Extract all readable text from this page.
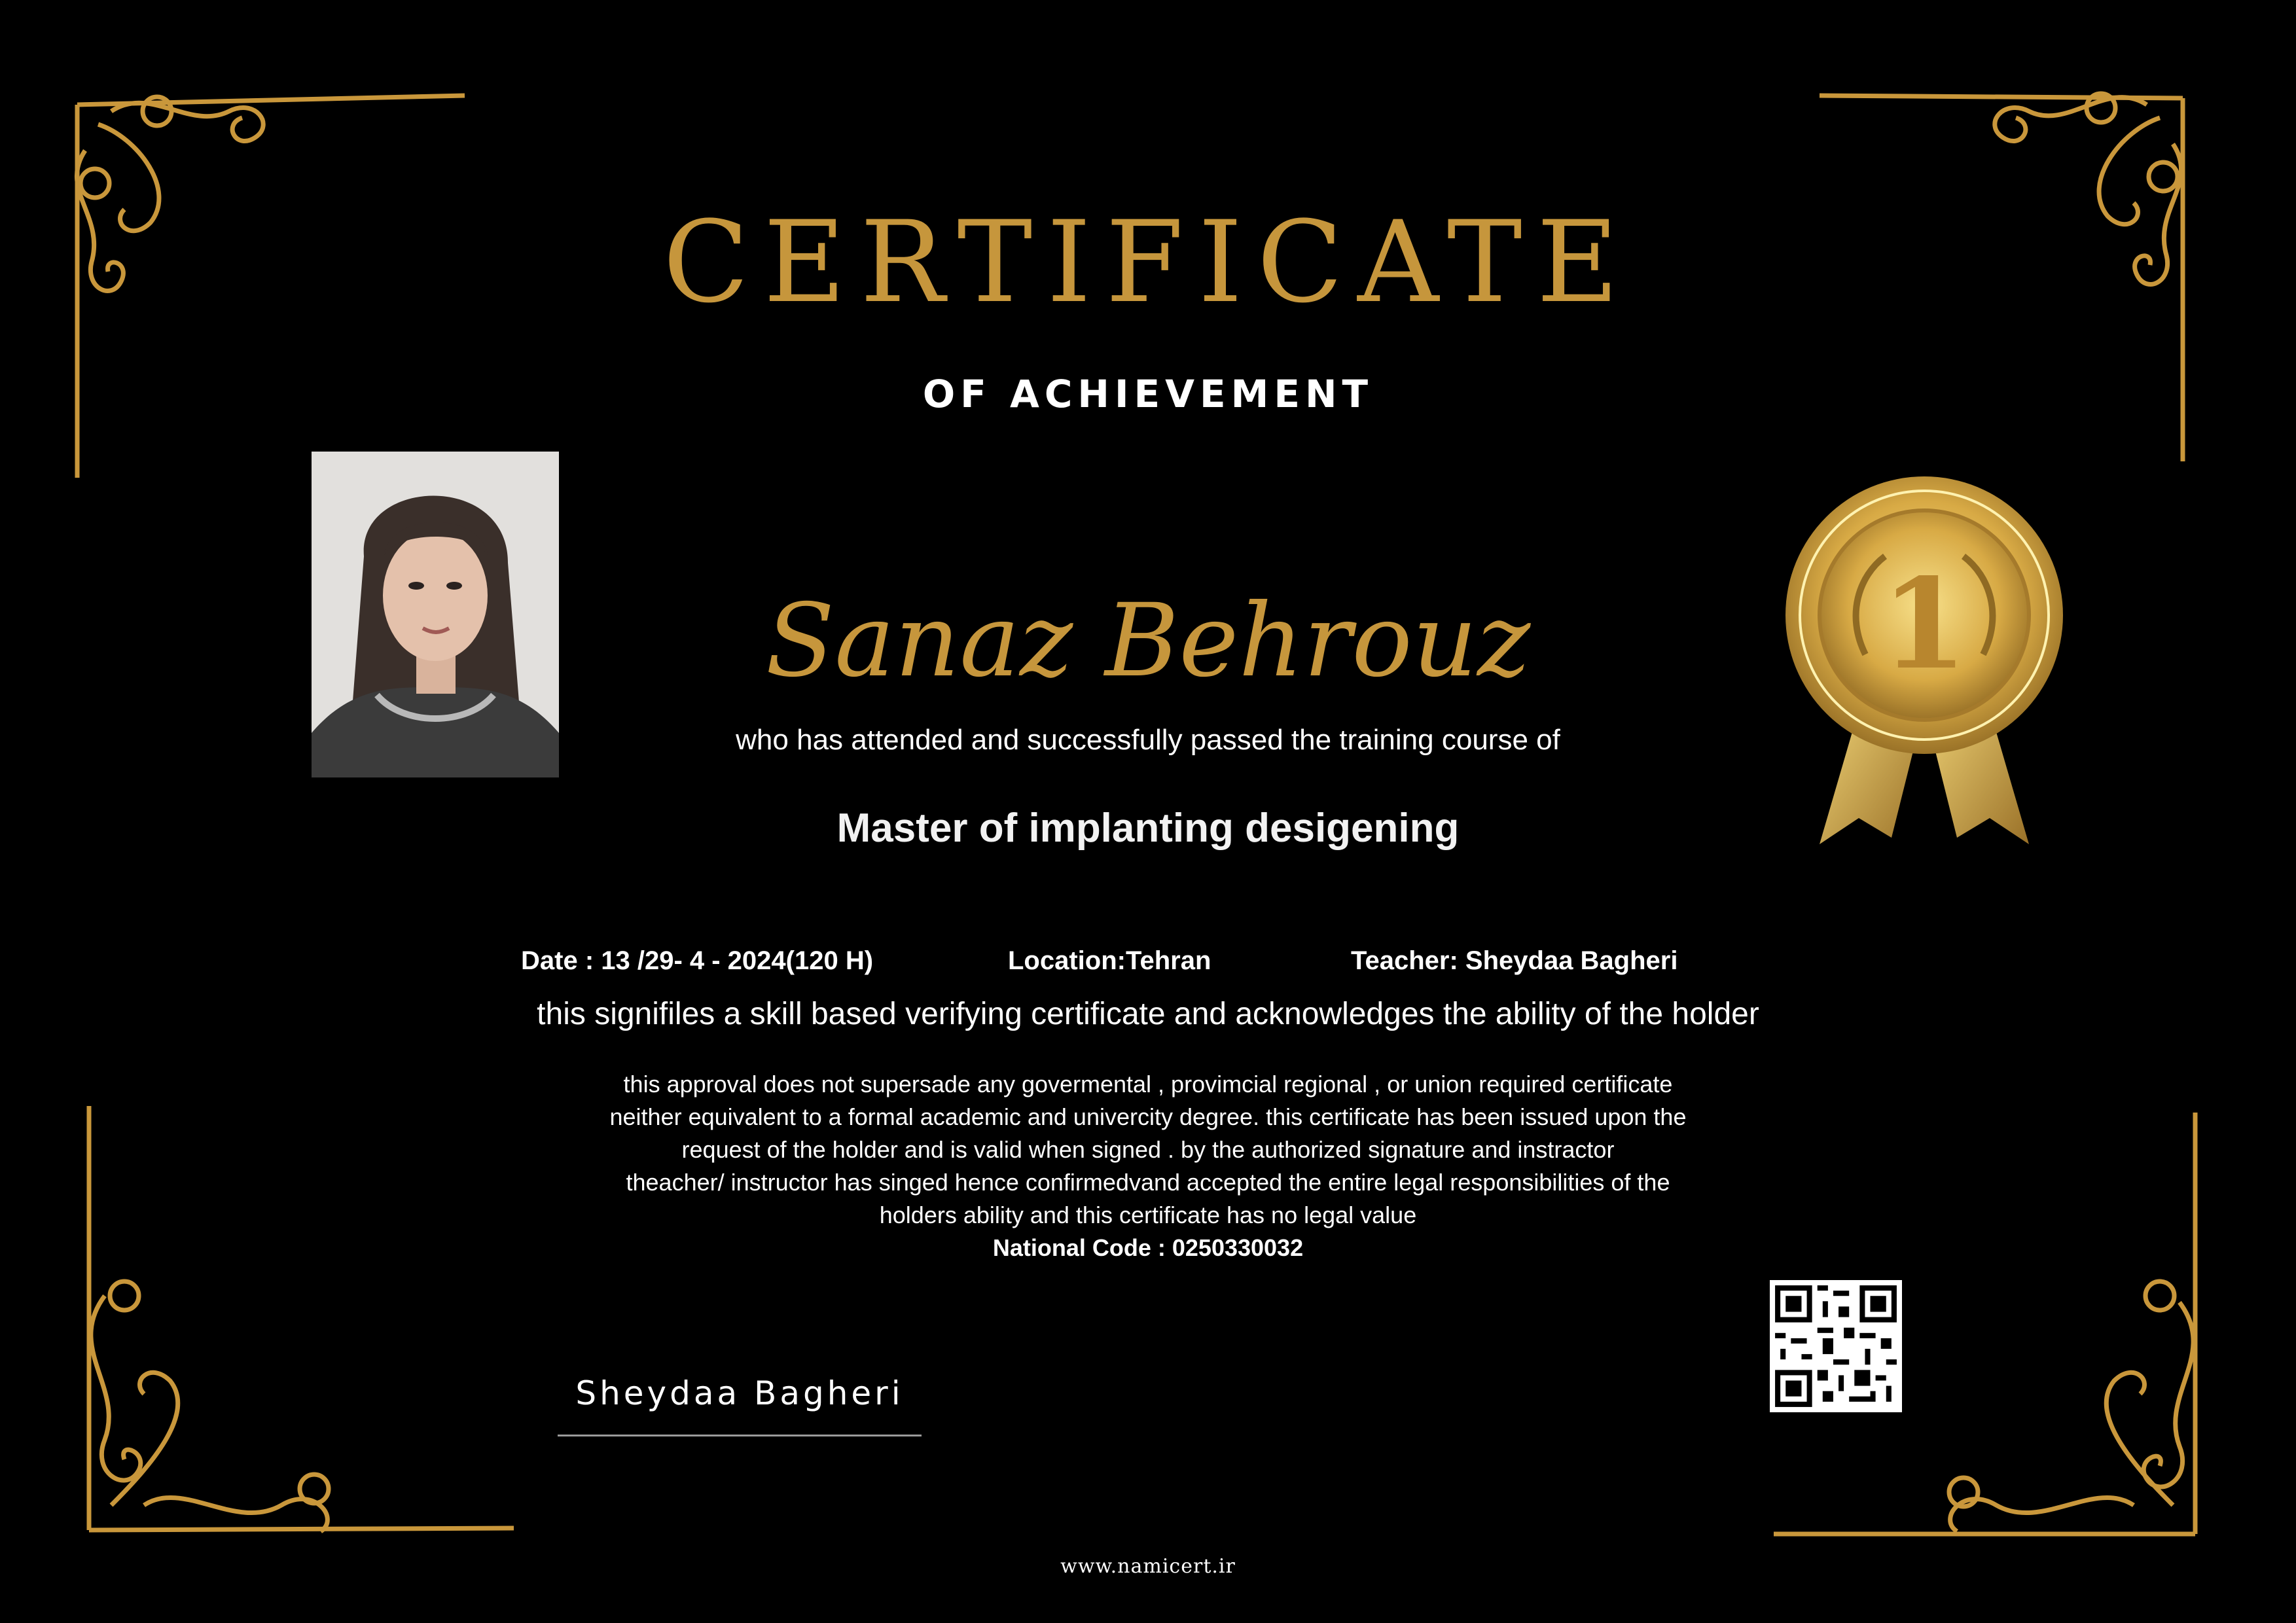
CERTIFICATE
OF ACHIEVEMENT
1
Sanaz Behrouz
who has attended and successfully passed the training course of
Master of implanting desigening
Date : 13 /29- 4 - 2024(120 H)	Location:Tehran	Teacher: Sheydaa Bagheri
this signifiles a skill based verifying certificate and acknowledges the ability of the holder
this approval does not supersade any govermental , provimcial regional , or union required certificate
neither equivalent to a formal academic and univercity degree. this certificate has been issued upon the
request of the holder and is valid when signed . by the authorized signature and instractor
theacher/ instructor has singed hence confirmedvand accepted the entire legal responsibilities of the
holders ability and this certificate has no legal value
National Code : 0250330032
Sheydaa Bagheri
www.namicert.ir
